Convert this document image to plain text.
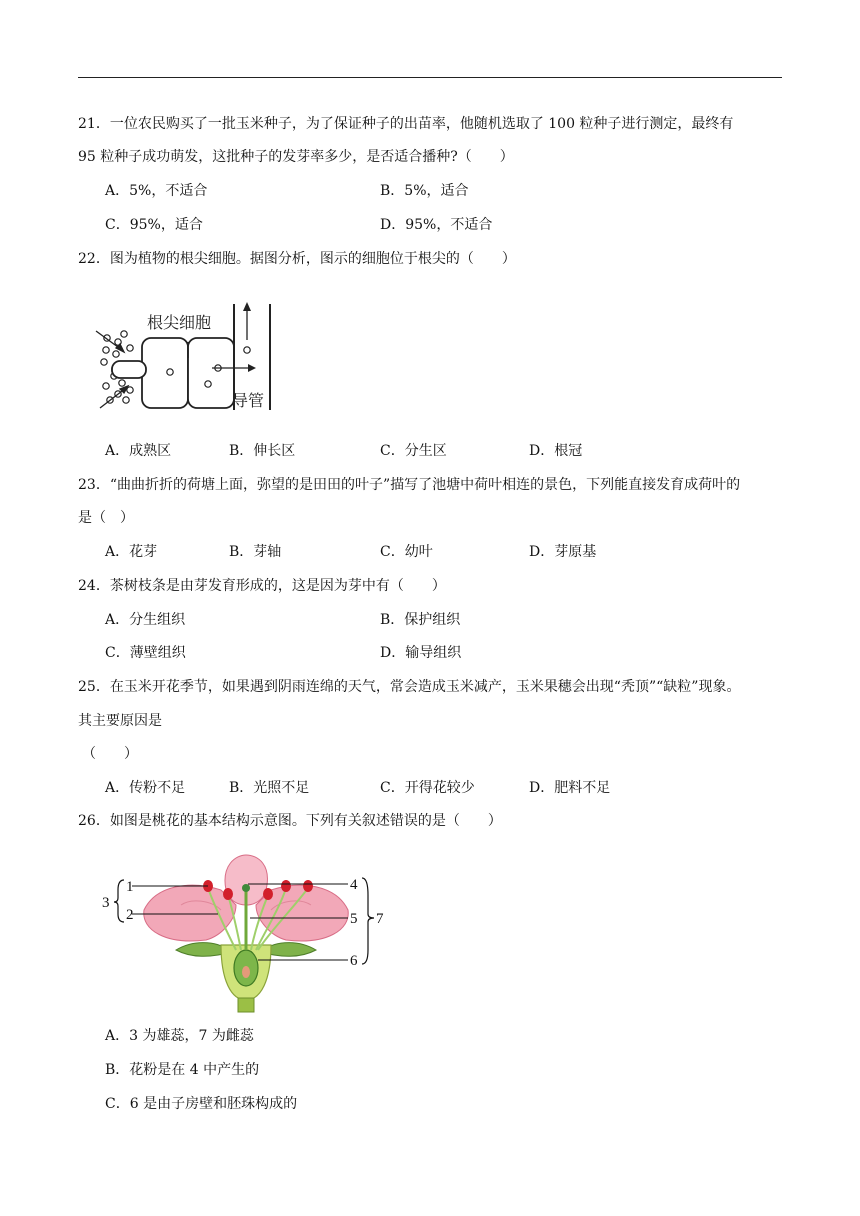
21．一位农民购买了一批玉米种子，为了保证种子的出苗率，他随机选取了 100 粒种子进行测定，最终有
95 粒种子成功萌发，这批种子的发芽率多少，是否适合播种?（　　）
A．5%，不适合	B．5%，适合
C．95%，适合	D．95%，不适合
22．图为植物的根尖细胞。据图分析，图示的细胞位于根尖的（　　）
根尖细胞
导管
A．成熟区	B．伸长区	C．分生区	D．根冠
23．“曲曲折折的荷塘上面，弥望的是田田的叶子”描写了池塘中荷叶相连的景色，下列能直接发育成荷叶的
是（　）
A．花芽	B．芽轴	C．幼叶	D．芽原基
24．茶树枝条是由芽发育形成的，这是因为芽中有（　　）
A．分生组织	B．保护组织
C．薄壁组织	D．输导组织
25．在玉米开花季节，如果遇到阴雨连绵的天气，常会造成玉米减产，玉米果穗会出现“秃顶”“缺粒”现象。
其主要原因是
（　　）
A．传粉不足	B．光照不足	C．开得花较少	D．肥料不足
26．如图是桃花的基本结构示意图。下列有关叙述错误的是（　　）
1
2
3
4
5
6
7
A．3 为雄蕊，7 为雌蕊
B．花粉是在 4 中产生的
C．6 是由子房壁和胚珠构成的
